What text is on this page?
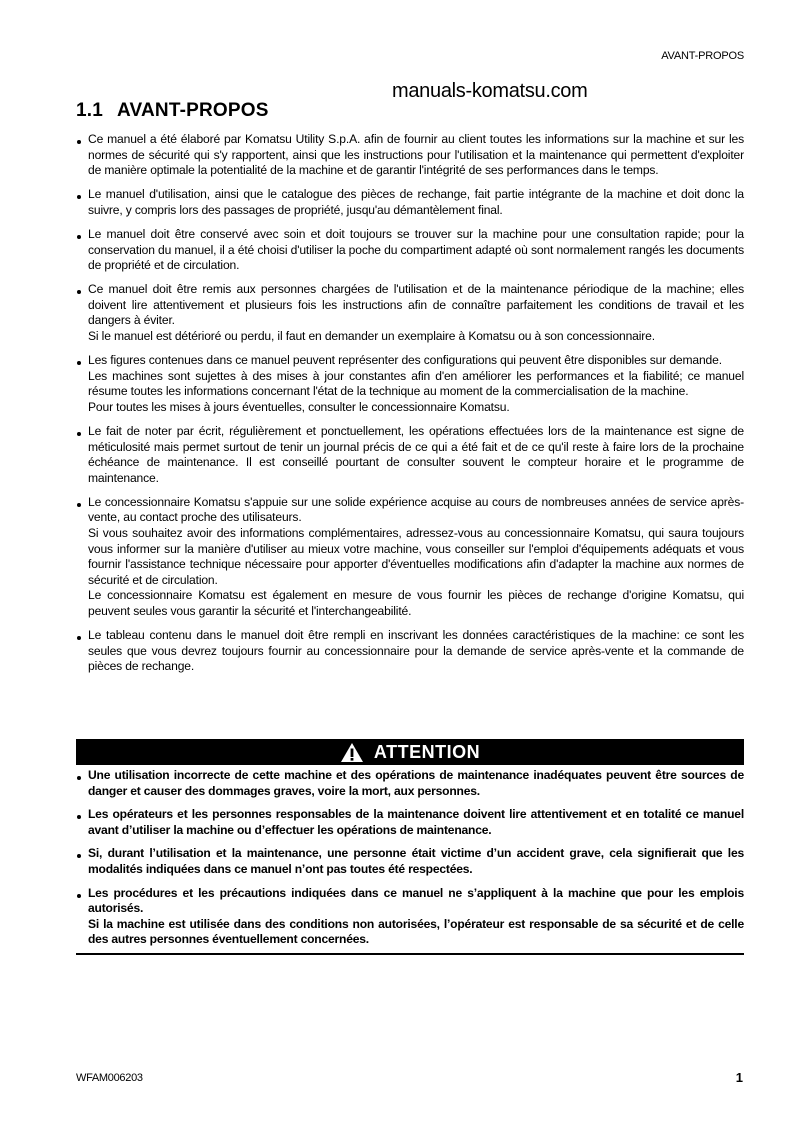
AVANT-PROPOS
manuals-komatsu.com
1.1 AVANT-PROPOS

Ce manuel a été élaboré par Komatsu Utility S.p.A. afin de fournir au client toutes les informations sur la machine et sur les normes de sécurité qui s'y rapportent, ainsi que les instructions pour l'utilisation et la maintenance qui permettent d'exploiter de manière optimale la potentialité de la machine et de garantir l'intégrité de ses performances dans le temps.

Le manuel d'utilisation, ainsi que le catalogue des pièces de rechange, fait partie intégrante de la machine et doit donc la suivre, y compris lors des passages de propriété, jusqu'au démantèlement final.

Le manuel doit être conservé avec soin et doit toujours se trouver sur la machine pour une consultation rapide; pour la conservation du manuel, il a été choisi d'utiliser la poche du compartiment adapté où sont normalement rangés les documents de propriété et de circulation.

Ce manuel doit être remis aux personnes chargées de l'utilisation et de la maintenance périodique de la machine; elles doivent lire attentivement et plusieurs fois les instructions afin de connaître parfaitement les conditions de travail et les dangers à éviter.

Si le manuel est détérioré ou perdu, il faut en demander un exemplaire à Komatsu ou à son concessionnaire.

Les figures contenues dans ce manuel peuvent représenter des configurations qui peuvent être disponibles sur demande.

Les machines sont sujettes à des mises à jour constantes afin d'en améliorer les performances et la fiabilité; ce manuel résume toutes les informations concernant l'état de la technique au moment de la commercialisation de la machine.

Pour toutes les mises à jours éventuelles, consulter le concessionnaire Komatsu.

Le fait de noter par écrit, régulièrement et ponctuellement, les opérations effectuées lors de la maintenance est signe de méticulosité mais permet surtout de tenir un journal précis de ce qui a été fait et de ce qu'il reste à faire lors de la prochaine échéance de maintenance. Il est conseillé pourtant de consulter souvent le compteur horaire et le programme de maintenance.

Le concessionnaire Komatsu s'appuie sur une solide expérience acquise au cours de nombreuses années de service après-vente, au contact proche des utilisateurs.

Si vous souhaitez avoir des informations complémentaires, adressez-vous au concessionnaire Komatsu, qui saura toujours vous informer sur la manière d'utiliser au mieux votre machine, vous conseiller sur l'emploi d'équipements adéquats et vous fournir l'assistance technique nécessaire pour apporter d'éventuelles modifications afin d'adapter la machine aux normes de sécurité et de circulation.

Le concessionnaire Komatsu est également en mesure de vous fournir les pièces de rechange d'origine Komatsu, qui peuvent seules vous garantir la sécurité et l'interchangeabilité.

Le tableau contenu dans le manuel doit être rempli en inscrivant les données caractéristiques de la machine: ce sont les seules que vous devrez toujours fournir au concessionnaire pour la demande de service après-vente et la commande de pièces de rechange.

ATTENTION

Une utilisation incorrecte de cette machine et des opérations de maintenance inadéquates peuvent être sources de danger et causer des dommages graves, voire la mort, aux personnes.

Les opérateurs et les personnes responsables de la maintenance doivent lire attentivement et en totalité ce manuel avant d’utiliser la machine ou d’effectuer les opérations de maintenance.

Si, durant l’utilisation et la maintenance, une personne était victime d’un accident grave, cela signifierait que les modalités indiquées dans ce manuel n’ont pas toutes été respectées.

Les procédures et les précautions indiquées dans ce manuel ne s’appliquent à la machine que pour les emplois autorisés.

Si la machine est utilisée dans des conditions non autorisées, l’opérateur est responsable de sa sécurité et de celle des autres personnes éventuellement concernées.

WFAM006203	1
